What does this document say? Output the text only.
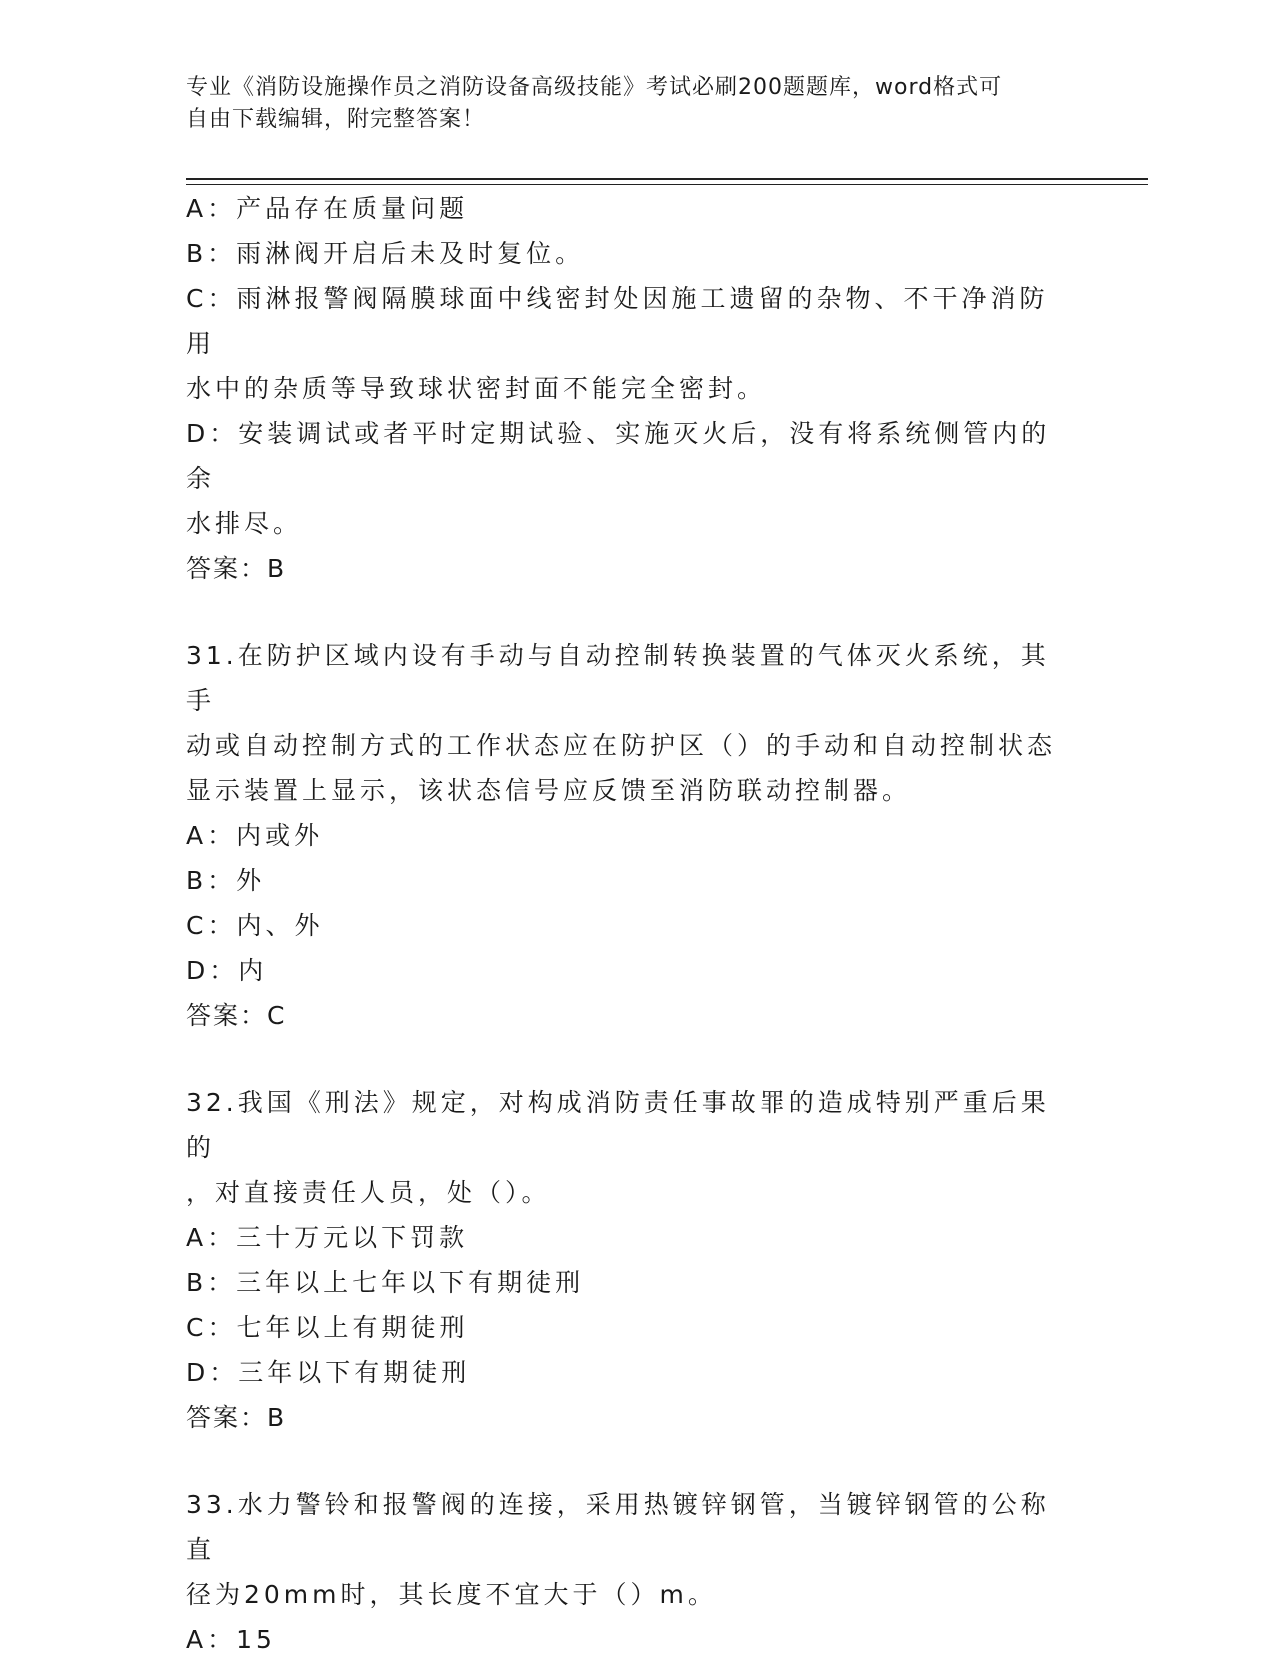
专业《消防设施操作员之消防设备高级技能》考试必刷200题题库，word格式可
自由下载编辑，附完整答案！
A：产品存在质量问题
B：雨淋阀开启后未及时复位。
C：雨淋报警阀隔膜球面中线密封处因施工遗留的杂物、不干净消防用
水中的杂质等导致球状密封面不能完全密封。
D：安装调试或者平时定期试验、实施灭火后，没有将系统侧管内的余
水排尽。
答案：B
31.在防护区域内设有手动与自动控制转换装置的气体灭火系统，其手
动或自动控制方式的工作状态应在防护区（）的手动和自动控制状态
显示装置上显示，该状态信号应反馈至消防联动控制器。
A：内或外
B：外
C：内、外
D：内
答案：C
32.我国《刑法》规定，对构成消防责任事故罪的造成特别严重后果的
，对直接责任人员，处（）。
A：三十万元以下罚款
B：三年以上七年以下有期徒刑
C：七年以上有期徒刑
D：三年以下有期徒刑
答案：B
33.水力警铃和报警阀的连接，采用热镀锌钢管，当镀锌钢管的公称直
径为20mm时，其长度不宜大于（）m。
A：15
